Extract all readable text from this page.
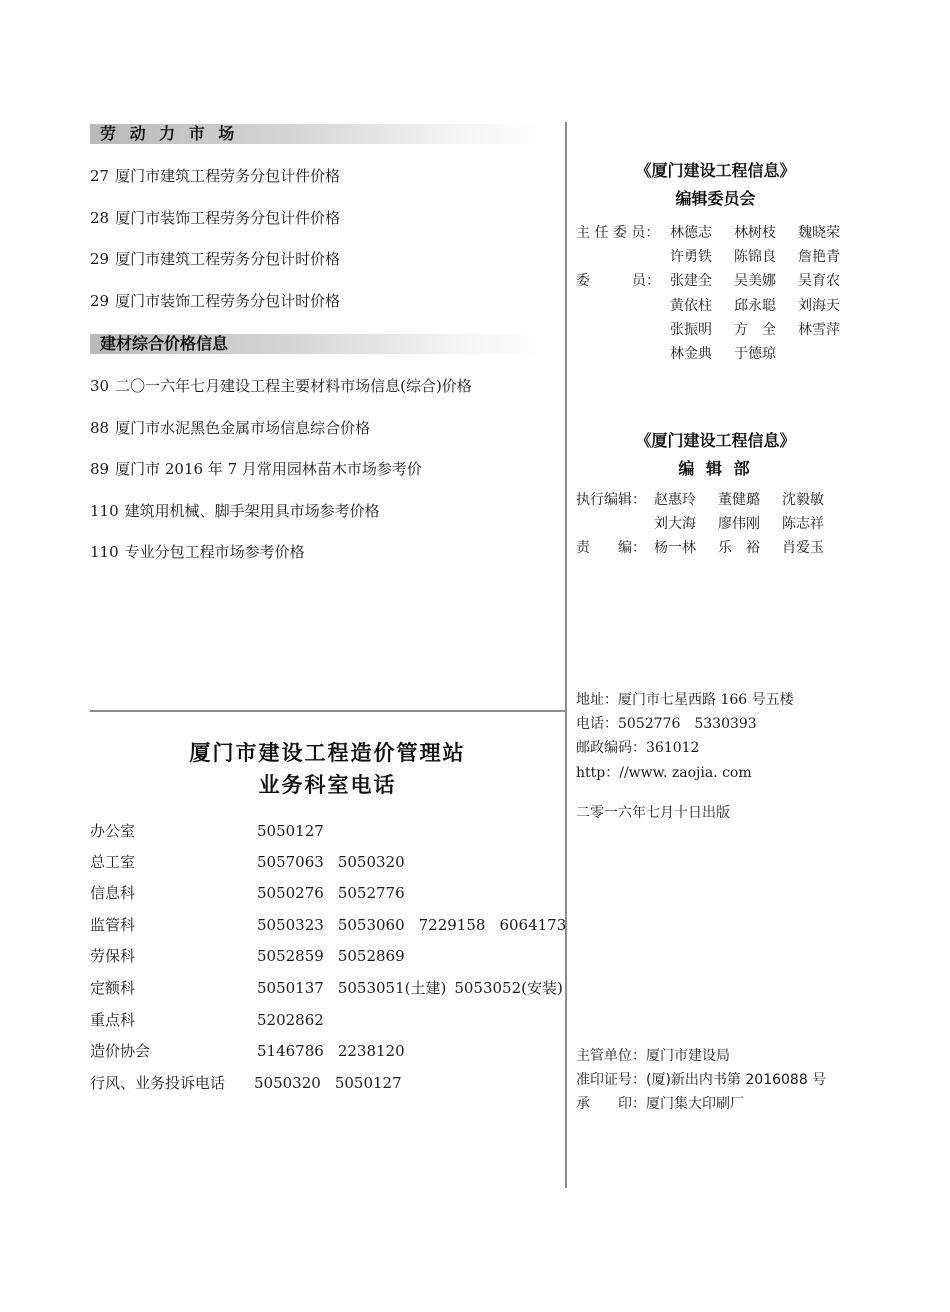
劳 动 力 市 场
27 厦门市建筑工程劳务分包计件价格
28 厦门市装饰工程劳务分包计件价格
29 厦门市建筑工程劳务分包计时价格
29 厦门市装饰工程劳务分包计时价格
建材综合价格信息
30 二〇一六年七月建设工程主要材料市场信息(综合)价格
88 厦门市水泥黑色金属市场信息综合价格
89 厦门市 2016 年 7 月常用园林苗木市场参考价
110 建筑用机械、脚手架用具市场参考价格
110 专业分包工程市场参考价格
厦门市建设工程造价管理站
业务科室电话
办公室	5050127
总工室	5057063 5050320
信息科	5050276 5052776
监管科	5050323 5053060 7229158 6064173
劳保科	5052859 5052869
定额科	5050137 5053051(土建) 5053052(安装)
重点科	5202862
造价协会	5146786 2238120
行风、业务投诉电话 5050320 5050127
《厦门建设工程信息》
编辑委员会
主 任 委 员： 林德志 林树枝 魏晓荣
许勇铁 陈锦良 詹艳青
委　　　员： 张建全 吴美娜 吴育农
黄依柱 邱永聪 刘海天
张振明 方　全 林雪萍
林金典 于德琼
《厦门建设工程信息》
编 辑 部
执行编辑： 赵惠玲 董健璐 沈毅敏
刘大海 廖伟刚 陈志祥
责　　编： 杨一林 乐　裕 肖爱玉
地址：厦门市七星西路 166 号五楼
电话：5052776　5330393
邮政编码：361012
http：//www. zaojia. com
二零一六年七月十日出版
主管单位：厦门市建设局
准印证号：(厦)新出内书第 2016088 号
承　　印：厦门集大印刷厂
